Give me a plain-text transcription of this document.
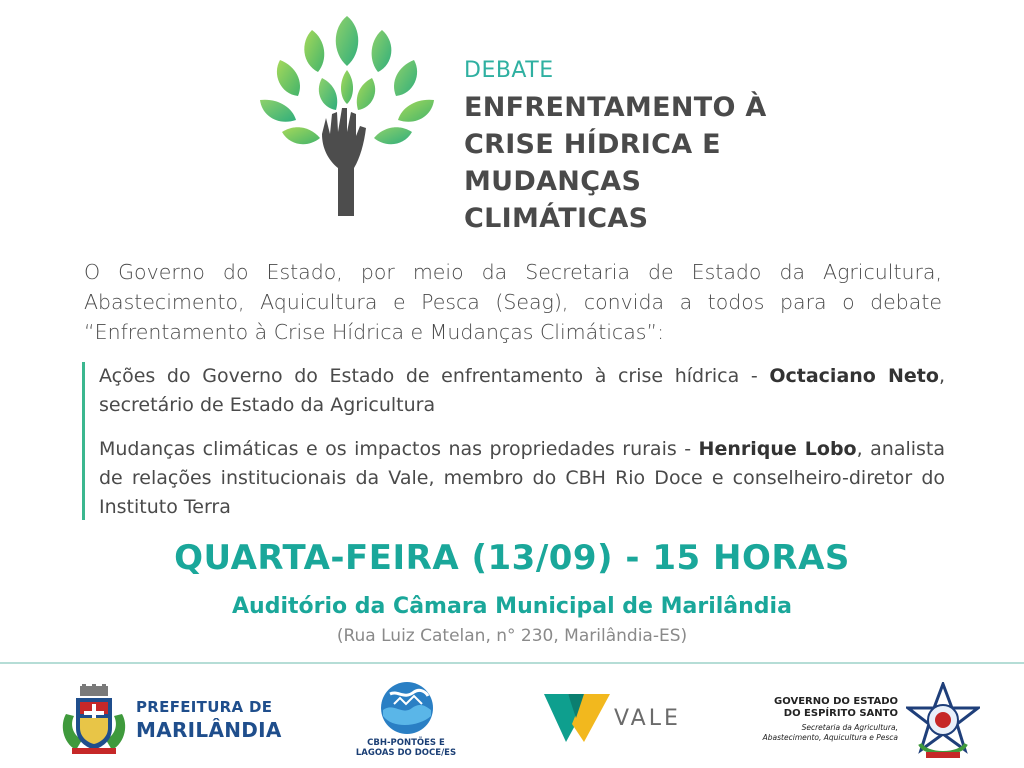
DEBATE
ENFRENTAMENTO À
CRISE HÍDRICA E
MUDANÇAS CLIMÁTICAS
O Governo do Estado, por meio da Secretaria de Estado da Agricultura, Abastecimento, Aquicultura e Pesca (Seag), convida a todos para o debate “Enfrentamento à Crise Hídrica e Mudanças Climáticas”:
Ações do Governo do Estado de enfrentamento à crise hídrica - Octaciano Neto, secretário de Estado da Agricultura
Mudanças climáticas e os impactos nas propriedades rurais - Henrique Lobo, analista de relações institucionais da Vale, membro do CBH Rio Doce e conselheiro-diretor do Instituto Terra
QUARTA-FEIRA (13/09) - 15 HORAS
Auditório da Câmara Municipal de Marilândia
(Rua Luiz Catelan, n° 230, Marilândia-ES)
PREFEITURA DE
MARILÂNDIA
CBH-PONTÕES E
LAGOAS DO DOCE/ES
VALE
GOVERNO DO ESTADO
DO ESPÍRITO SANTO
Secretaria da Agricultura,
Abastecimento, Aquicultura e Pesca
